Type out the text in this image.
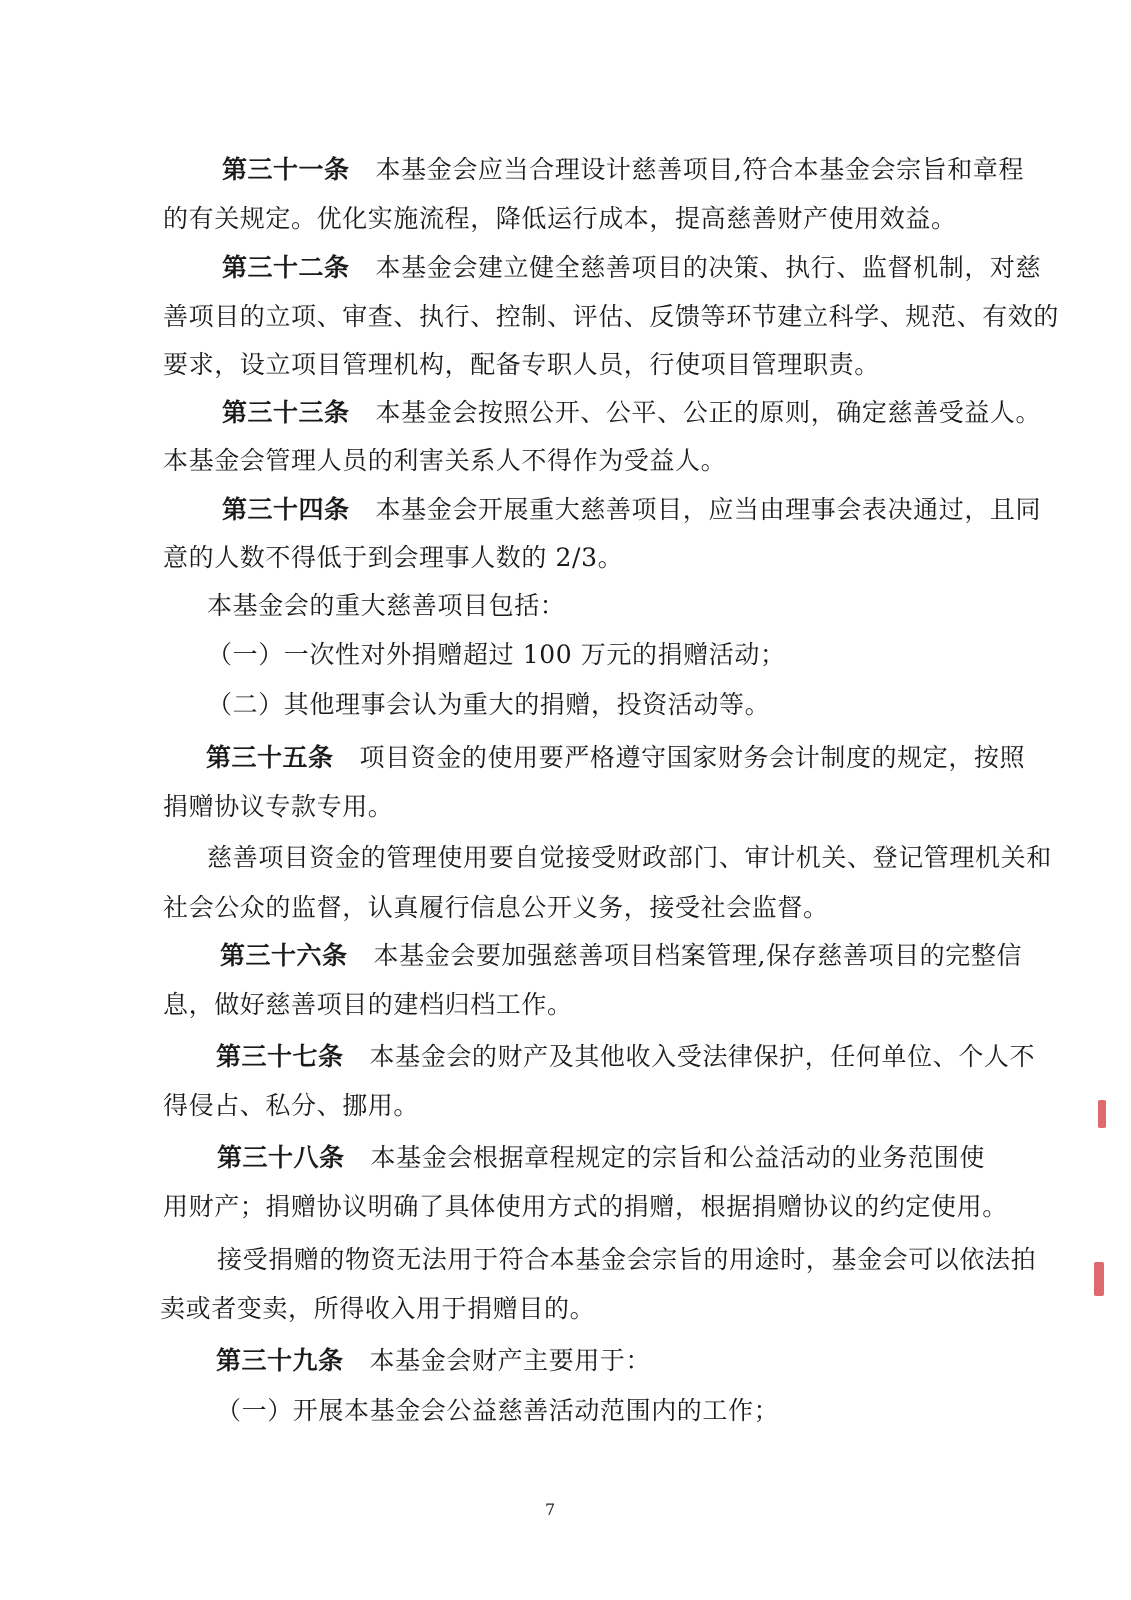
第三十一条 本基金会应当合理设计慈善项目,符合本基金会宗旨和章程
的有关规定。优化实施流程，降低运行成本，提高慈善财产使用效益。
第三十二条 本基金会建立健全慈善项目的决策、执行、监督机制，对慈
善项目的立项、审查、执行、控制、评估、反馈等环节建立科学、规范、有效的
要求，设立项目管理机构，配备专职人员，行使项目管理职责。
第三十三条 本基金会按照公开、公平、公正的原则，确定慈善受益人。
本基金会管理人员的利害关系人不得作为受益人。
第三十四条 本基金会开展重大慈善项目，应当由理事会表决通过，且同
意的人数不得低于到会理事人数的 2/3。
本基金会的重大慈善项目包括：
（一）一次性对外捐赠超过 100 万元的捐赠活动；
（二）其他理事会认为重大的捐赠，投资活动等。
第三十五条 项目资金的使用要严格遵守国家财务会计制度的规定，按照
捐赠协议专款专用。
慈善项目资金的管理使用要自觉接受财政部门、审计机关、登记管理机关和
社会公众的监督，认真履行信息公开义务，接受社会监督。
第三十六条 本基金会要加强慈善项目档案管理,保存慈善项目的完整信
息，做好慈善项目的建档归档工作。
第三十七条 本基金会的财产及其他收入受法律保护，任何单位、个人不
得侵占、私分、挪用。
第三十八条 本基金会根据章程规定的宗旨和公益活动的业务范围使
用财产；捐赠协议明确了具体使用方式的捐赠，根据捐赠协议的约定使用。
接受捐赠的物资无法用于符合本基金会宗旨的用途时，基金会可以依法拍
卖或者变卖，所得收入用于捐赠目的。
第三十九条 本基金会财产主要用于：
（一）开展本基金会公益慈善活动范围内的工作；
7
